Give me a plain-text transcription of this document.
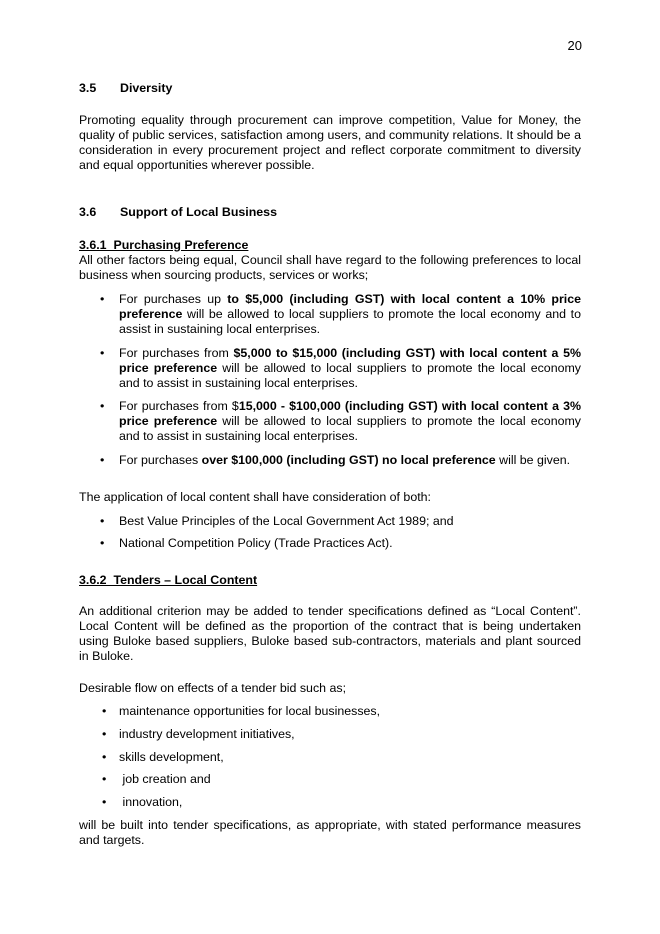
20
3.5 Diversity
Promoting equality through procurement can improve competition, Value for Money, the quality of public services, satisfaction among users, and community relations. It should be a consideration in every procurement project and reflect corporate commitment to diversity and equal opportunities wherever possible.
3.6 Support of Local Business
3.6.1  Purchasing Preference
All other factors being equal, Council shall have regard to the following preferences to local business when sourcing products, services or works;
• For purchases up to $5,000 (including GST) with local content a 10% price preference will be allowed to local suppliers to promote the local economy and to assist in sustaining local enterprises.
• For purchases from $5,000 to $15,000 (including GST) with local content a 5% price preference will be allowed to local suppliers to promote the local economy and to assist in sustaining local enterprises.
• For purchases from $15,000 - $100,000 (including GST) with local content a 3% price preference will be allowed to local suppliers to promote the local economy and to assist in sustaining local enterprises.
• For purchases over $100,000 (including GST) no local preference will be given.
The application of local content shall have consideration of both:
• Best Value Principles of the Local Government Act 1989; and
• National Competition Policy (Trade Practices Act).
3.6.2  Tenders – Local Content
An additional criterion may be added to tender specifications defined as “Local Content”. Local Content will be defined as the proportion of the contract that is being undertaken using Buloke based suppliers, Buloke based sub-contractors, materials and plant sourced in Buloke.
Desirable flow on effects of a tender bid such as;
• maintenance opportunities for local businesses,
• industry development initiatives,
• skills development,
• job creation and
• innovation,
will be built into tender specifications, as appropriate, with stated performance measures and targets.
